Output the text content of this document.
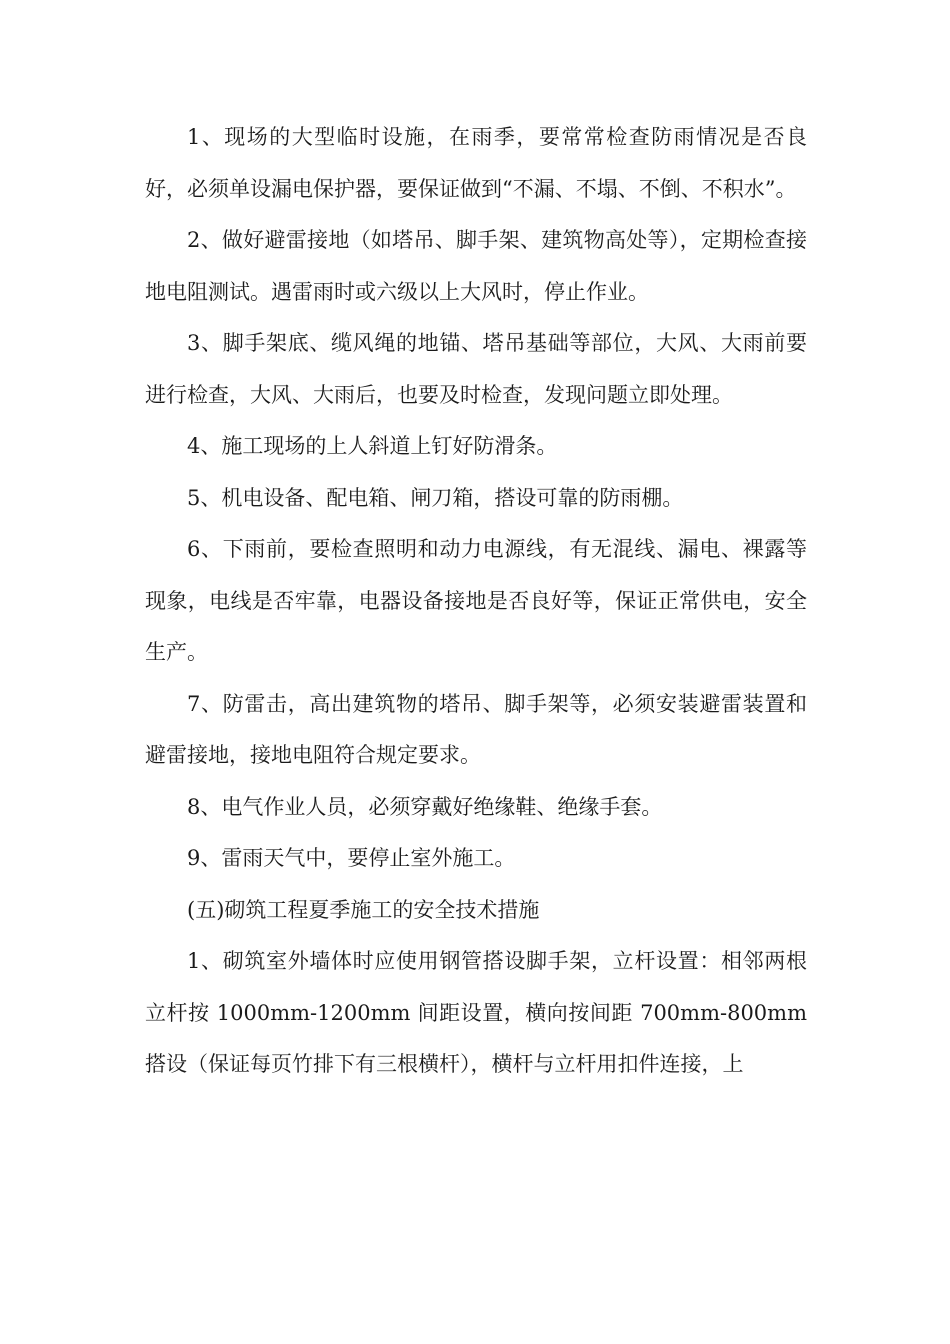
1、现场的大型临时设施，在雨季，要常常检查防雨情况是否良好，必须单设漏电保护器，要保证做到“不漏、不塌、不倒、不积水”。

2、做好避雷接地（如塔吊、脚手架、建筑物高处等），定期检查接地电阻测试。遇雷雨时或六级以上大风时，停止作业。

3、脚手架底、缆风绳的地锚、塔吊基础等部位，大风、大雨前要进行检查，大风、大雨后，也要及时检查，发现问题立即处理。

4、施工现场的上人斜道上钉好防滑条。

5、机电设备、配电箱、闸刀箱，搭设可靠的防雨棚。

6、下雨前，要检查照明和动力电源线，有无混线、漏电、裸露等现象，电线是否牢靠，电器设备接地是否良好等，保证正常供电，安全生产。

7、防雷击，高出建筑物的塔吊、脚手架等，必须安装避雷装置和避雷接地，接地电阻符合规定要求。

8、电气作业人员，必须穿戴好绝缘鞋、绝缘手套。

9、雷雨天气中，要停止室外施工。

(五)砌筑工程夏季施工的安全技术措施

1、砌筑室外墙体时应使用钢管搭设脚手架，立杆设置：相邻两根立杆按 1000mm-1200mm 间距设置，横向按间距 700mm-800mm 搭设（保证每页竹排下有三根横杆），横杆与立杆用扣件连接，上
